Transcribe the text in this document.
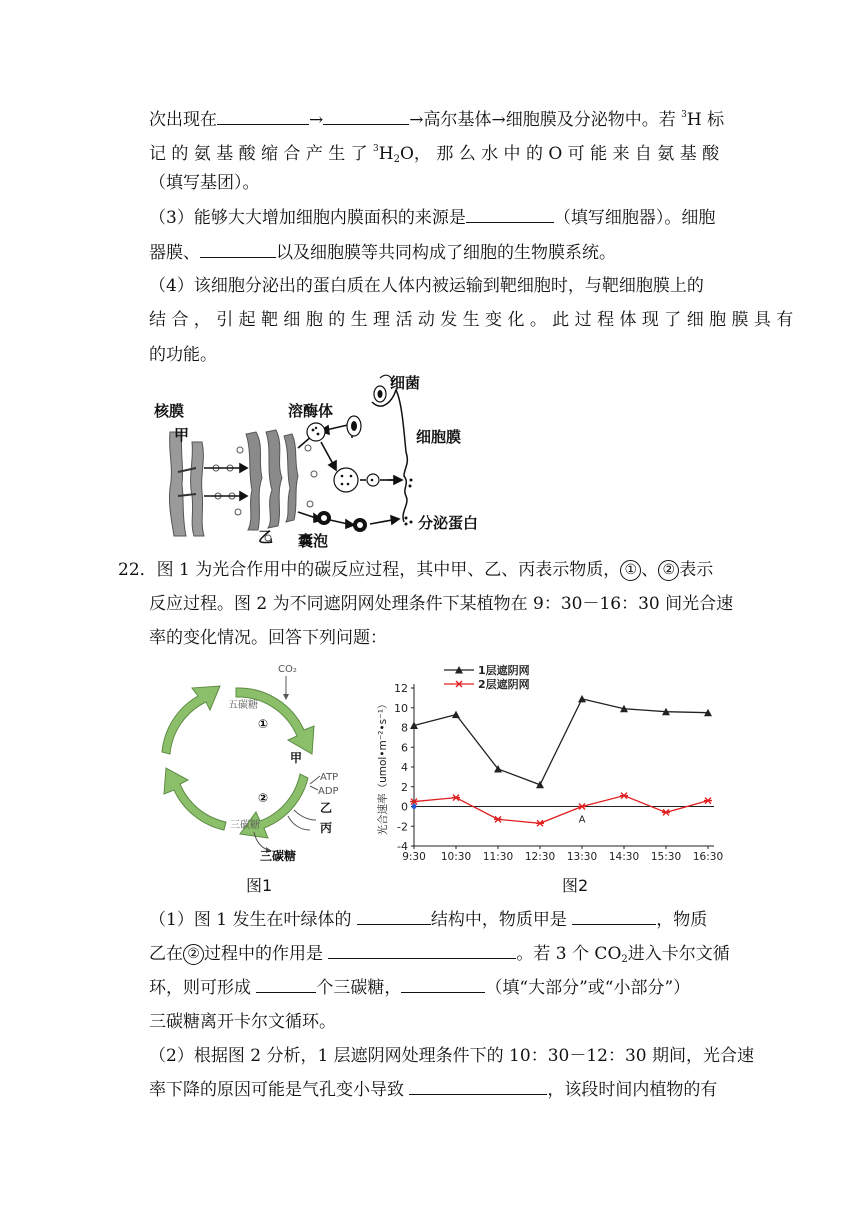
次出现在	→	→高尔基体→细胞膜及分泌物中。若 $^3$H 标
记 的 氨 基 酸 缩 合 产 生 了 $^3H_2O$， 那 么 水 中 的 O 可 能 来 自 氨 基 酸
（填写基团）。
（3）能够大大增加细胞内膜面积的来源是	（填写细胞器）。细胞
器膜、	以及细胞膜等共同构成了细胞的生物膜系统。
（4）该细胞分泌出的蛋白质在人体内被运输到靶细胞时，与靶细胞膜上的
结 合 ， 引 起 靶 细 胞 的 生 理 活 动 发 生 变 化 。 此 过 程 体 现 了 细 胞 膜 具 有
的功能。
核膜
甲
溶酶体
细菌
细胞膜
乙 囊泡
分泌蛋白
22．图 1 为光合作用中的碳反应过程，其中甲、乙、丙表示物质， ① 、 ② 表示
反应过程。图 2 为不同遮阴网处理条件下某植物在 9：30－16：30 间光合速
率的变化情况。回答下列问题：
CO₂
五碳糖
ATP
ADP
三碳糖
①
甲
②
乙
丙
三碳糖
图1
-4
-2
0
2
4
6
8
10
12
9:30 10:30 11:30 12:30 13:30 14:30 15:30 16:30
光合速率（umol•m⁻²•s⁻¹）	A
1层遮阴网
2层遮阴网
图2
（1）图 1 发生在叶绿体的	结构中，物质甲是	，物质
乙在 ② 过程中的作用是	。若 3 个 $CO_2$进入卡尔文循
环，则可形成	个三碳糖，	（填“大部分”或“小部分”）
三碳糖离开卡尔文循环。
（2）根据图 2 分析，1 层遮阴网处理条件下的 10：30－12：30 期间，光合速
率下降的原因可能是气孔变小导致	，该段时间内植物的有
